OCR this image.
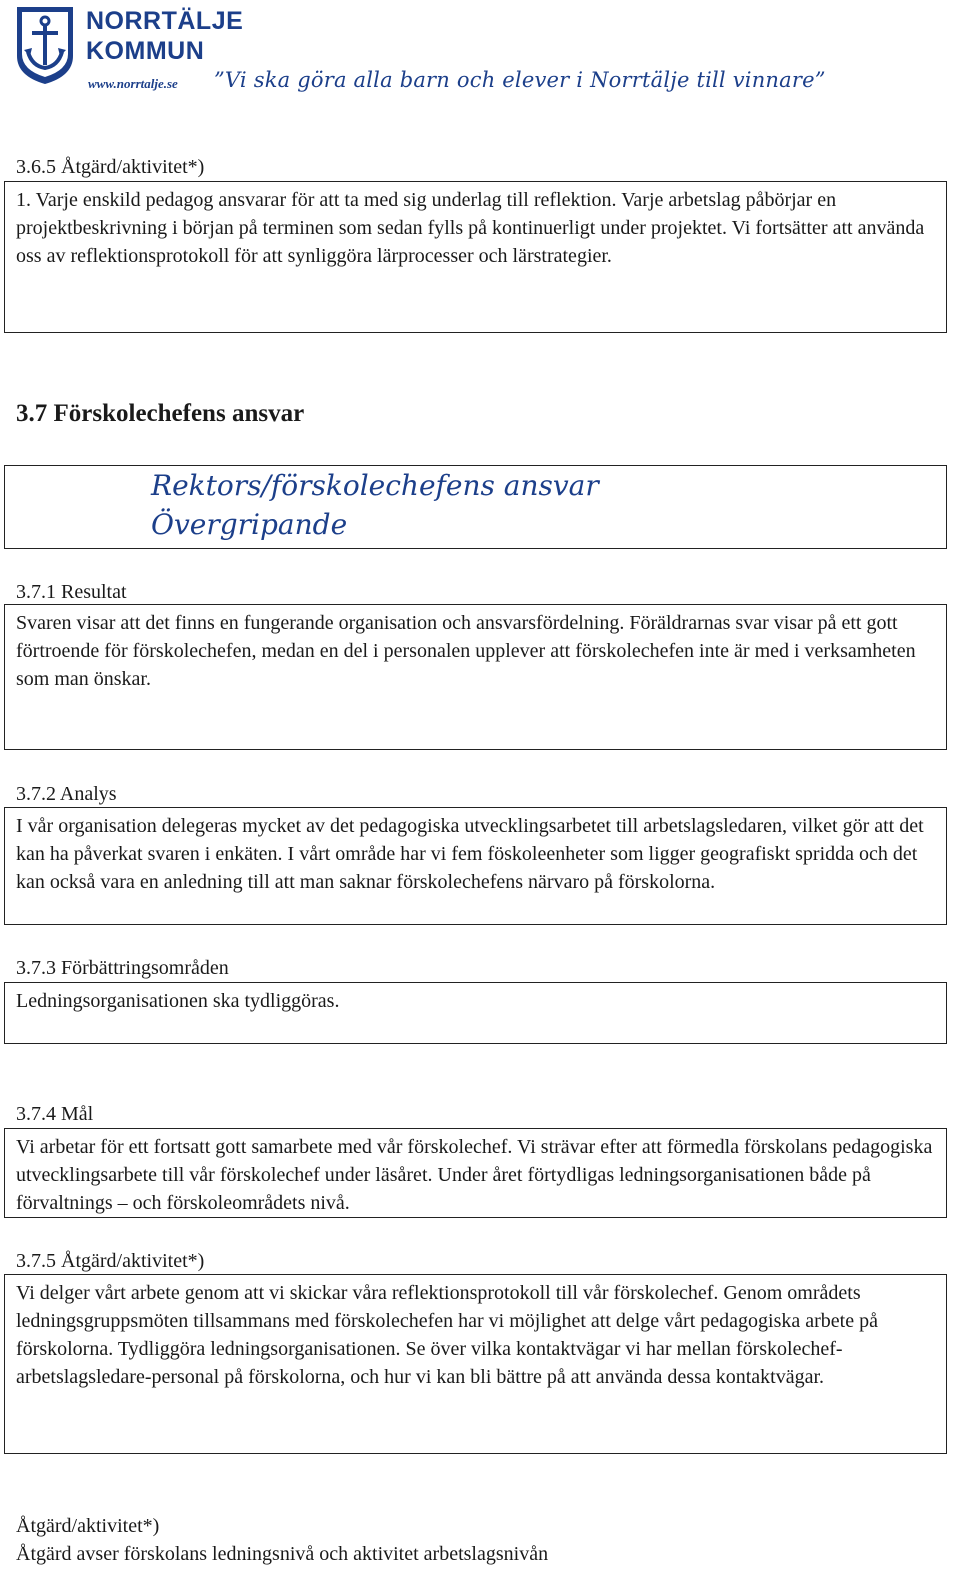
NORRTÄLJE
KOMMUN
www.norrtalje.se ”Vi ska göra alla barn och elever i Norrtälje till vinnare”
3.6.5 Åtgärd/aktivitet*)

1. Varje enskild pedagog ansvarar för att ta med sig underlag till reflektion. Varje arbetslag påbörjar en projektbeskrivning i början på terminen som sedan fylls på kontinuerligt under projektet. Vi fortsätter att använda oss av reflektionsprotokoll för att synliggöra lärprocesser och lärstrategier.

3.7 Förskolechefens ansvar
Rektors/förskolechefens ansvar
Övergripande
3.7.1 Resultat

Svaren visar att det finns en fungerande organisation och ansvarsfördelning. Föräldrarnas svar visar på ett gott förtroende för förskolechefen, medan en del i personalen upplever att förskolechefen inte är med i verksamheten som man önskar.

3.7.2 Analys

I vår organisation delegeras mycket av det pedagogiska utvecklingsarbetet till arbetslagsledaren, vilket gör att det kan ha påverkat svaren i enkäten. I vårt område har vi fem föskoleenheter som ligger geografiskt spridda och det kan också vara en anledning till att man saknar förskolechefens närvaro på förskolorna.

3.7.3 Förbättringsområden

Ledningsorganisationen ska tydliggöras.

3.7.4 Mål

Vi arbetar för ett fortsatt gott samarbete med vår förskolechef. Vi strävar efter att förmedla förskolans pedagogiska utvecklingsarbete till vår förskolechef under läsåret. Under året förtydligas ledningsorganisationen både på förvaltnings – och förskoleområdets nivå.

3.7.5 Åtgärd/aktivitet*)

Vi delger vårt arbete genom att vi skickar våra reflektionsprotokoll till vår förskolechef. Genom områdets ledningsgruppsmöten tillsammans med förskolechefen har vi möjlighet att delge vårt pedagogiska arbete på förskolorna. Tydliggöra ledningsorganisationen. Se över vilka kontaktvägar vi har mellan förskolechef-arbetslagsledare-personal på förskolorna, och hur vi kan bli bättre på att använda dessa kontaktvägar.

Åtgärd/aktivitet*)
Åtgärd avser förskolans ledningsnivå och aktivitet arbetslagsnivån
